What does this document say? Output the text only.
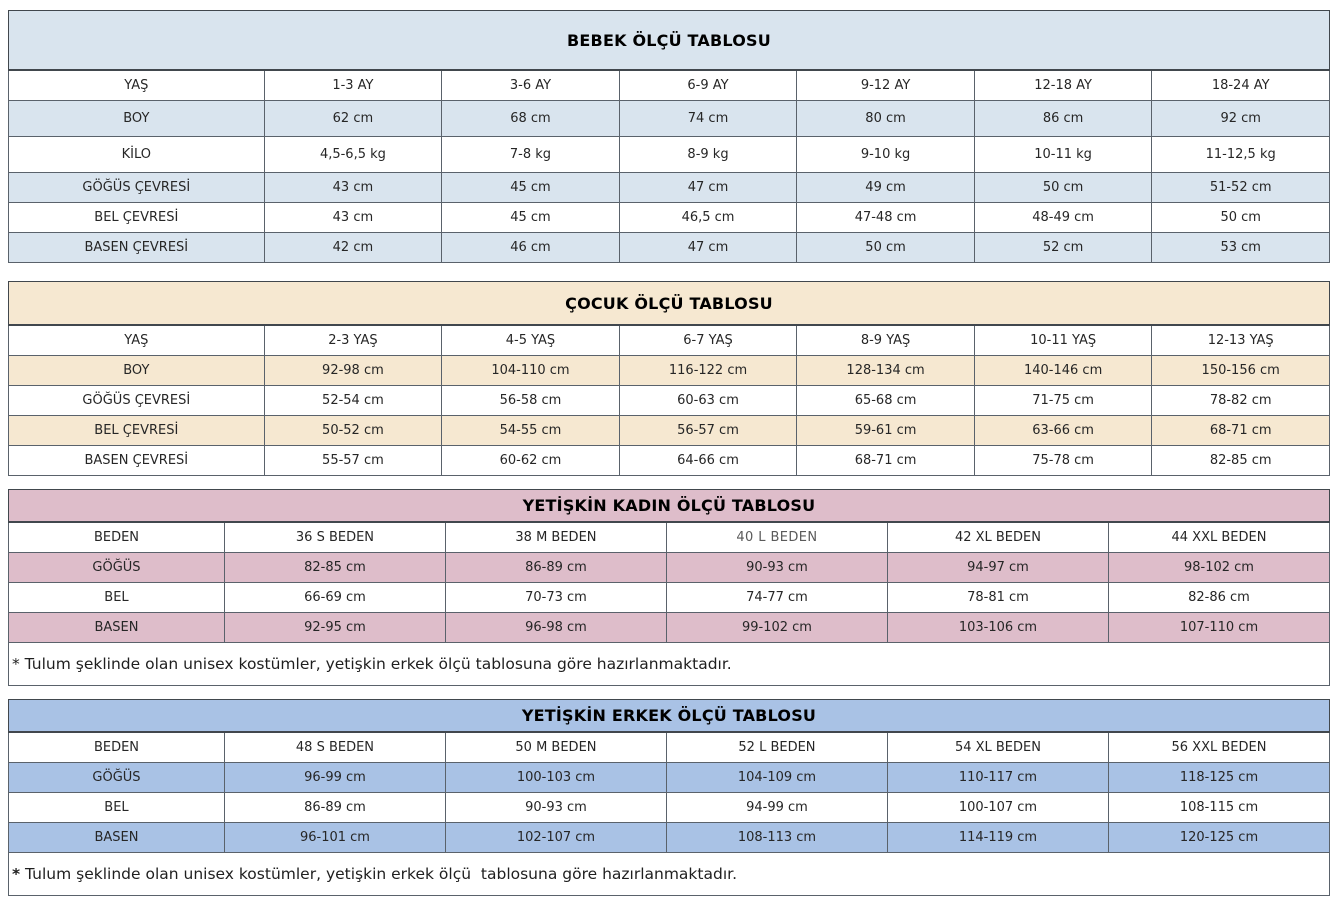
BEBEK ÖLÇÜ TABLOSU						
YAŞ	1-3 AY	3-6 AY	6-9 AY	9-12 AY	12-18 AY	18-24 AY
BOY	62 cm	68 cm	74 cm	80 cm	86 cm	92 cm
KİLO	4,5-6,5 kg	7-8 kg	8-9 kg	9-10 kg	10-11 kg	11-12,5 kg
GÖĞÜS ÇEVRESİ	43 cm	45 cm	47 cm	49 cm	50 cm	51-52 cm
BEL ÇEVRESİ	43 cm	45 cm	46,5 cm	47-48 cm	48-49 cm	50 cm
BASEN ÇEVRESİ	42 cm	46 cm	47 cm	50 cm	52 cm	53 cm
ÇOCUK ÖLÇÜ TABLOSU						
YAŞ	2-3 YAŞ	4-5 YAŞ	6-7 YAŞ	8-9 YAŞ	10-11 YAŞ	12-13 YAŞ
BOY	92-98 cm	104-110 cm	116-122 cm	128-134 cm	140-146 cm	150-156 cm
GÖĞÜS ÇEVRESİ	52-54 cm	56-58 cm	60-63 cm	65-68 cm	71-75 cm	78-82 cm
BEL ÇEVRESİ	50-52 cm	54-55 cm	56-57 cm	59-61 cm	63-66 cm	68-71 cm
BASEN ÇEVRESİ	55-57 cm	60-62 cm	64-66 cm	68-71 cm	75-78 cm	82-85 cm
YETİŞKİN KADIN ÖLÇÜ TABLOSU					
BEDEN	36 S BEDEN	38 M BEDEN	40 L BEDEN	42 XL BEDEN	44 XXL BEDEN
GÖĞÜS	82-85 cm	86-89 cm	90-93 cm	94-97 cm	98-102 cm
BEL	66-69 cm	70-73 cm	74-77 cm	78-81 cm	82-86 cm
BASEN	92-95 cm	96-98 cm	99-102 cm	103-106 cm	107-110 cm
* Tulum şeklinde olan unisex kostümler, yetişkin erkek ölçü tablosuna göre hazırlanmaktadır.					
YETİŞKİN ERKEK ÖLÇÜ TABLOSU					
BEDEN	48 S BEDEN	50 M BEDEN	52 L BEDEN	54 XL BEDEN	56 XXL BEDEN
GÖĞÜS	96-99 cm	100-103 cm	104-109 cm	110-117 cm	118-125 cm
BEL	86-89 cm	90-93 cm	94-99 cm	100-107 cm	108-115 cm
BASEN	96-101 cm	102-107 cm	108-113 cm	114-119 cm	120-125 cm
* Tulum şeklinde olan unisex kostümler, yetişkin erkek ölçü  tablosuna göre hazırlanmaktadır.					
